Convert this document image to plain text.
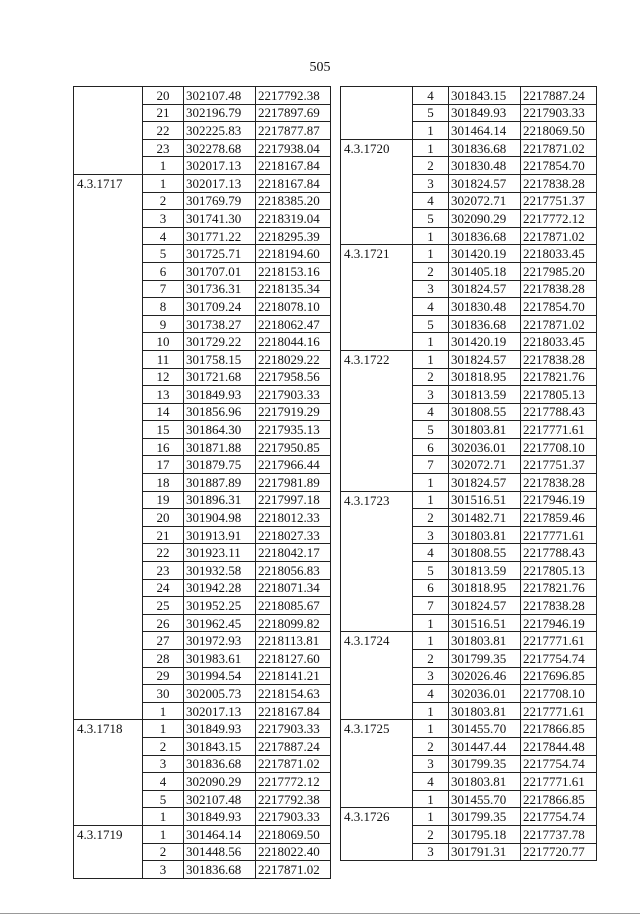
505
	20	302107.48	2217792.38
	21	302196.79	2217897.69
	22	302225.83	2217877.87
	23	302278.68	2217938.04
	1	302017.13	2218167.84
4.3.1717	1	302017.13	2218167.84
	2	301769.79	2218385.20
	3	301741.30	2218319.04
	4	301771.22	2218295.39
	5	301725.71	2218194.60
	6	301707.01	2218153.16
	7	301736.31	2218135.34
	8	301709.24	2218078.10
	9	301738.27	2218062.47
	10	301729.22	2218044.16
	11	301758.15	2218029.22
	12	301721.68	2217958.56
	13	301849.93	2217903.33
	14	301856.96	2217919.29
	15	301864.30	2217935.13
	16	301871.88	2217950.85
	17	301879.75	2217966.44
	18	301887.89	2217981.89
	19	301896.31	2217997.18
	20	301904.98	2218012.33
	21	301913.91	2218027.33
	22	301923.11	2218042.17
	23	301932.58	2218056.83
	24	301942.28	2218071.34
	25	301952.25	2218085.67
	26	301962.45	2218099.82
	27	301972.93	2218113.81
	28	301983.61	2218127.60
	29	301994.54	2218141.21
	30	302005.73	2218154.63
	1	302017.13	2218167.84
4.3.1718	1	301849.93	2217903.33
	2	301843.15	2217887.24
	3	301836.68	2217871.02
	4	302090.29	2217772.12
	5	302107.48	2217792.38
	1	301849.93	2217903.33
4.3.1719	1	301464.14	2218069.50
	2	301448.56	2218022.40
	3	301836.68	2217871.02
	4	301843.15	2217887.24
	5	301849.93	2217903.33
	1	301464.14	2218069.50
4.3.1720	1	301836.68	2217871.02
	2	301830.48	2217854.70
	3	301824.57	2217838.28
	4	302072.71	2217751.37
	5	302090.29	2217772.12
	1	301836.68	2217871.02
4.3.1721	1	301420.19	2218033.45
	2	301405.18	2217985.20
	3	301824.57	2217838.28
	4	301830.48	2217854.70
	5	301836.68	2217871.02
	1	301420.19	2218033.45
4.3.1722	1	301824.57	2217838.28
	2	301818.95	2217821.76
	3	301813.59	2217805.13
	4	301808.55	2217788.43
	5	301803.81	2217771.61
	6	302036.01	2217708.10
	7	302072.71	2217751.37
	1	301824.57	2217838.28
4.3.1723	1	301516.51	2217946.19
	2	301482.71	2217859.46
	3	301803.81	2217771.61
	4	301808.55	2217788.43
	5	301813.59	2217805.13
	6	301818.95	2217821.76
	7	301824.57	2217838.28
	1	301516.51	2217946.19
4.3.1724	1	301803.81	2217771.61
	2	301799.35	2217754.74
	3	302026.46	2217696.85
	4	302036.01	2217708.10
	1	301803.81	2217771.61
4.3.1725	1	301455.70	2217866.85
	2	301447.44	2217844.48
	3	301799.35	2217754.74
	4	301803.81	2217771.61
	1	301455.70	2217866.85
4.3.1726	1	301799.35	2217754.74
	2	301795.18	2217737.78
	3	301791.31	2217720.77
